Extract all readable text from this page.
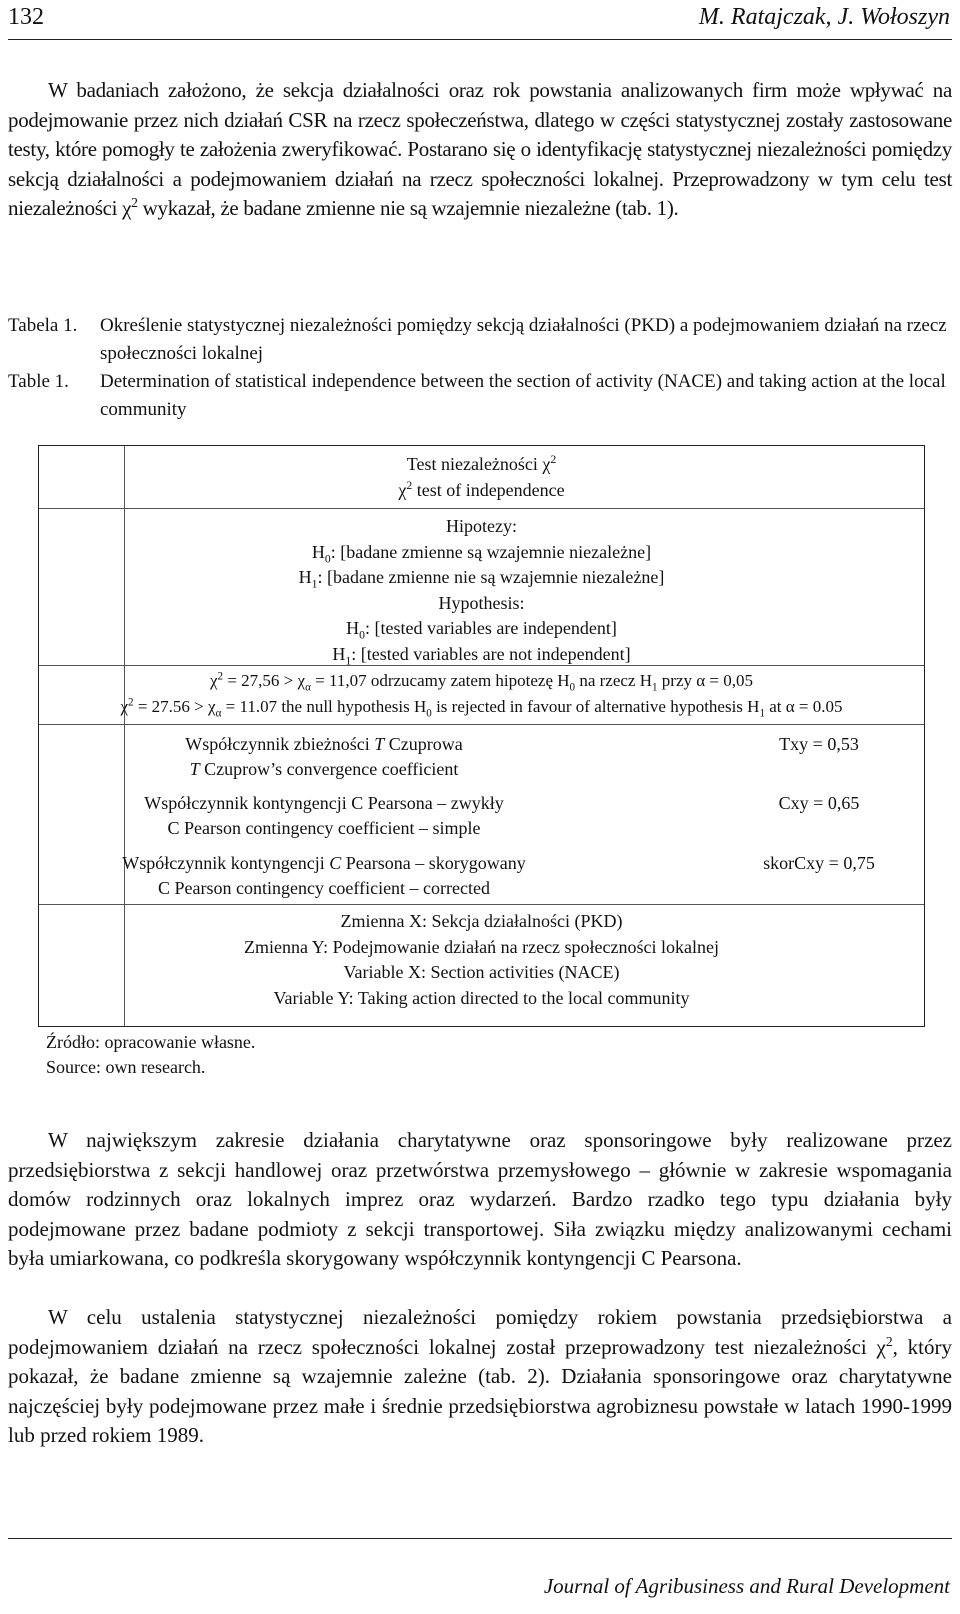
132	M. Ratajczak, J. Wołoszyn

W badaniach założono, że sekcja działalności oraz rok powstania analizowanych firm może wpływać na podejmowanie przez nich działań CSR na rzecz społeczeństwa, dlatego w części statystycznej zostały zastosowane testy, które pomogły te założenia zweryfikować. Postarano się o identyfikację statystycznej niezależności pomiędzy sekcją działalności a podejmowaniem działań na rzecz społeczności lokalnej. Przeprowadzony w tym celu test niezależności $\chi^2$ wykazał, że badane zmienne nie są wzajemnie niezależne (tab. 1).

Tabela 1.	Określenie statystycznej niezależności pomiędzy sekcją działalności (PKD) a podejmowaniem działań na rzecz społeczności lokalnej
Table 1.	Determination of statistical independence between the section of activity (NACE) and taking action at the local community
Test niezależności $\chi^2$
$\chi^2$ test of independence
Hipotezy:
$H_0$: [badane zmienne są wzajemnie niezależne]
$H_1$: [badane zmienne nie są wzajemnie niezależne]
Hypothesis:
$H_0$: [tested variables are independent]
$H_1$: [tested variables are not independent]
$\chi^2 = 27,56 > \chi_\alpha = 11,07$ odrzucamy zatem hipotezę $H_0$ na rzecz $H_1$ przy α = 0,05
$\chi^2 = 27.56 > \chi_\alpha = 11.07$ the null hypothesis $H_0$ is rejected in favour of alternative hypothesis $H_1$ at α = 0.05
Współczynnik zbieżności T Czuprowa
T Czuprow’s convergence coefficient
Txy = 0,53
Współczynnik kontyngencji C Pearsona – zwykły
C Pearson contingency coefficient – simple
Cxy = 0,65
Współczynnik kontyngencji C Pearsona – skorygowany
C Pearson contingency coefficient – corrected
skorCxy = 0,75
Zmienna X: Sekcja działalności (PKD)
Zmienna Y: Podejmowanie działań na rzecz społeczności lokalnej
Variable X: Section activities (NACE)
Variable Y: Taking action directed to the local community
Źródło: opracowanie własne.
Source: own research.

W największym zakresie działania charytatywne oraz sponsoringowe były realizowane przez przedsiębiorstwa z sekcji handlowej oraz przetwórstwa przemysłowego – głównie w zakresie wspomagania domów rodzinnych oraz lokalnych imprez oraz wydarzeń. Bardzo rzadko tego typu działania były podejmowane przez badane podmioty z sekcji transportowej. Siła związku między analizowanymi cechami była umiarkowana, co podkreśla skorygowany współczynnik kontyngencji C Pearsona.

W celu ustalenia statystycznej niezależności pomiędzy rokiem powstania przedsiębiorstwa a podejmowaniem działań na rzecz społeczności lokalnej został przeprowadzony test niezależności $\chi^2$, który pokazał, że badane zmienne są wzajemnie zależne (tab. 2). Działania sponsoringowe oraz charytatywne najczęściej były podejmowane przez małe i średnie przedsiębiorstwa agrobiznesu powstałe w latach 1990-1999 lub przed rokiem 1989.

Journal of Agribusiness and Rural Development
